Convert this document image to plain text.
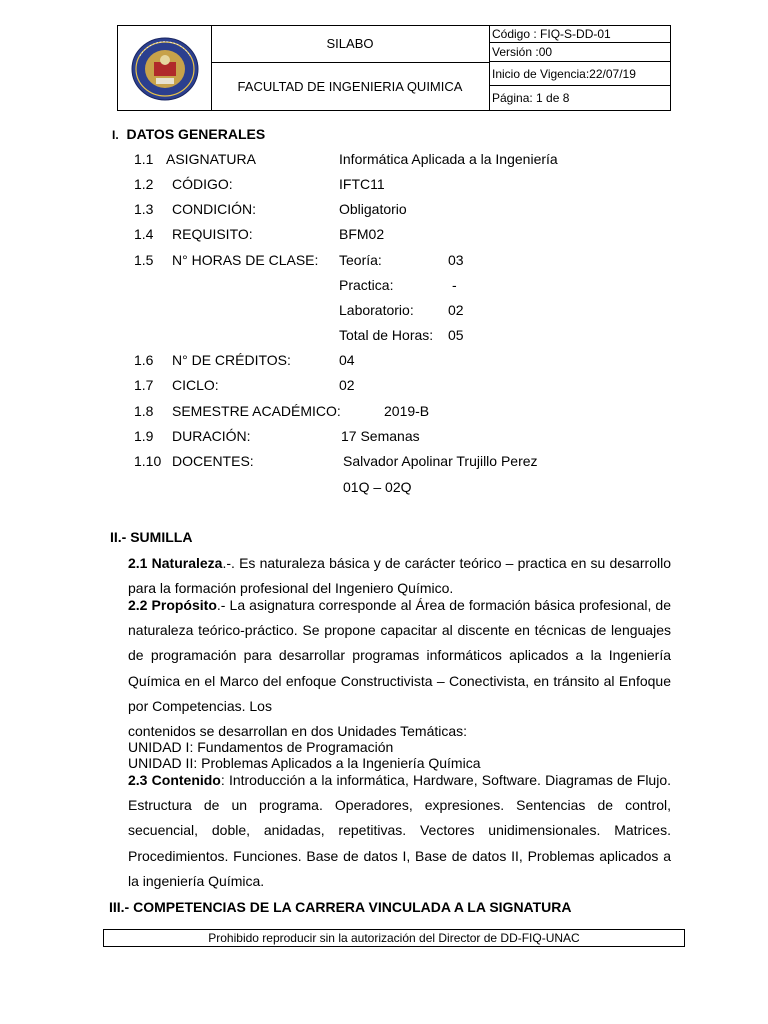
SILABO
FACULTAD DE INGENIERIA QUIMICA
Código : FIQ-S-DD-01
Versión :00
Inicio de Vigencia:22/07/19
Página: 1 de 8
I. DATOS GENERALES
1.1 ASIGNATURA	Informática Aplicada a la Ingeniería
1.2 CÓDIGO:	IFTC11
1.3 CONDICIÓN:	Obligatorio
1.4 REQUISITO:	BFM02
1.5 N° HORAS DE CLASE: Teoría:	03
Practica:	-
Laboratorio: 02
Total de Horas: 05
1.6 N° DE CRÉDITOS:	04
1.7 CICLO:	02
1.8 SEMESTRE ACADÉMICO:	2019-B
1.9 DURACIÓN:	17 Semanas
1.10 DOCENTES:	Salvador Apolinar Trujillo Perez
01Q – 02Q
II.- SUMILLA
2.1 Naturaleza.-. Es naturaleza básica y de carácter teórico – practica en su desarrollo para la formación profesional del Ingeniero Químico.
2.2 Propósito.- La asignatura corresponde al Área de formación básica profesional, de naturaleza teórico-práctico. Se propone capacitar al discente en técnicas de lenguajes de programación para desarrollar programas informáticos aplicados a la Ingeniería Química en el Marco del enfoque Constructivista – Conectivista, en tránsito al Enfoque por Competencias. Los
contenidos se desarrollan en dos Unidades Temáticas:
UNIDAD I: Fundamentos de Programación
UNIDAD II: Problemas Aplicados a la Ingeniería Química
2.3 Contenido: Introducción a la informática, Hardware, Software. Diagramas de Flujo. Estructura de un programa. Operadores, expresiones. Sentencias de control, secuencial, doble, anidadas, repetitivas. Vectores unidimensionales. Matrices. Procedimientos. Funciones. Base de datos I, Base de datos II, Problemas aplicados a la ingeniería Química.
III.- COMPETENCIAS DE LA CARRERA VINCULADA A LA SIGNATURA
Prohibido reproducir sin la autorización del Director de DD-FIQ-UNAC
